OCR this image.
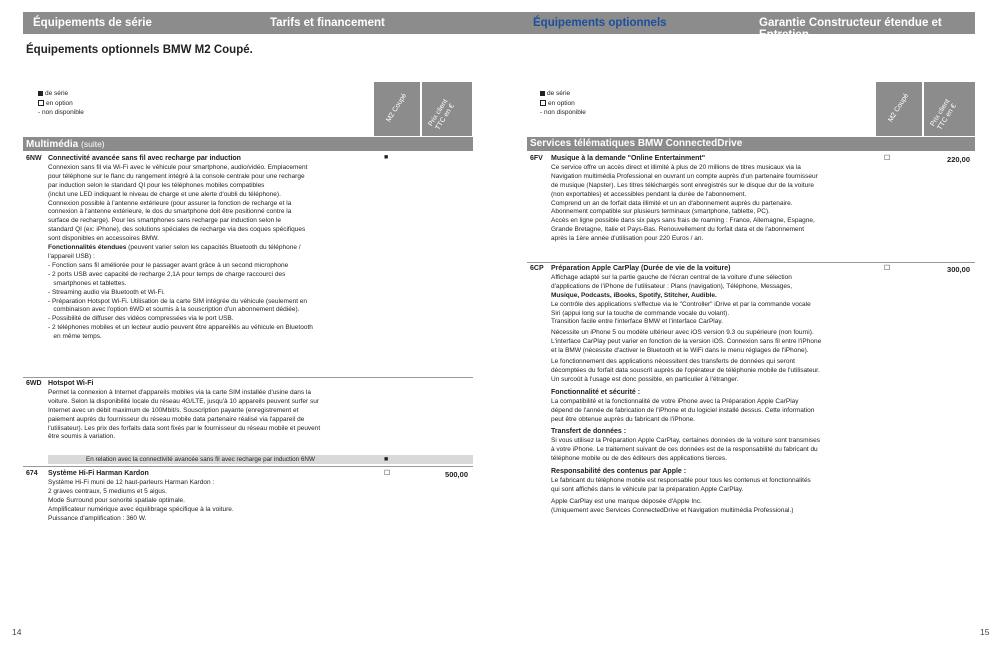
Équipements de série	Tarifs et financement	Équipements optionnels	Garantie Constructeur étendue et Entretien
Équipements optionnels BMW M2 Coupé.
de série
en option
- non disponible	M2 Coupé	Prix client TTC en €
Multimédia (suite)
6NW	■

Connectivité avancée sans fil avec recharge par induction

Connexion sans fil via Wi-Fi avec le véhicule pour smartphone, audio/vidéo. Emplacement

pour téléphone sur le flanc du rangement intégré à la console centrale pour une recharge

par induction selon le standard QI pour les téléphones mobiles compatibles

(inclut une LED indiquant le niveau de charge et une alerte d'oubli du téléphone).

Connexion possible à l'antenne extérieure (pour assurer la fonction de recharge et la

connexion à l'antenne extérieure, le dos du smartphone doit être positionné contre la

surface de recharge). Pour les smartphones sans recharge par induction selon le

standard QI (ex: iPhone), des solutions spéciales de recharge via des coques spécifiques

sont disponibles en accessoires BMW.

Fonctionnalités étendues (peuvent varier selon les capacités Bluetooth du téléphone /

l'appareil USB) :

- Fonction sans fil améliorée pour le passager avant grâce à un second microphone

- 2 ports USB avec capacité de recharge 2,1A pour temps de charge raccourci des

smartphones et tablettes.

- Streaming audio via Bluetooth et Wi-Fi.

- Préparation Hotspot Wi-Fi. Utilisation de la carte SIM intégrée du véhicule (seulement en

combinaison avec l'option 6WD et soumis à la souscription d'un abonnement dédiée).

- Possibilité de diffuser des vidéos compressées via le port USB.

- 2 téléphones mobiles et un lecteur audio peuvent être appareillés au véhicule en Bluetooth

en même temps.

6WD Hotspot Wi-Fi

Permet la connexion à Internet d'appareils mobiles via la carte SIM installée d'usine dans la

voiture. Selon la disponibilité locale du réseau 4G/LTE, jusqu'à 10 appareils peuvent surfer sur

Internet avec un débit maximum de 100Mbit/s. Souscription payante (enregistrement et

paiement auprès du fournisseur du réseau mobile data partenaire réalisé via l'appareil de

l'utilisateur). Les prix des forfaits data sont fixés par le fournisseur du réseau mobile et peuvent

être soumis à variation.

En relation avec la connectivité avancée sans fil avec recharge par induction 6NW	■
674	☐	500,00

Système Hi-Fi Harman Kardon

Système Hi-Fi muni de 12 haut-parleurs Harman Kardon :

2 graves centraux, 5 mediums et 5 aigus.

Mode Surround pour sonorité spatiale optimale.

Amplificateur numérique avec équilibrage spécifique à la voiture.

Puissance d'amplification : 360 W.

de série
en option
- non disponible	M2 Coupé	Prix client TTC en €
Services télématiques BMW ConnectedDrive
6FV	☐	220,00

Musique à la demande "Online Entertainment"

Ce service offre un accès direct et illimité à plus de 20 millions de titres musicaux via la

Navigation multimédia Professional en ouvrant un compte auprès d'un partenaire fournisseur

de musique (Napster). Les titres téléchargés sont enregistrés sur le disque dur de la voiture

(non exportables) et accessibles pendant la durée de l'abonnement.

Comprend un an de forfait data illimité et un an d'abonnement auprès du partenaire.

Abonnement compatible sur plusieurs terminaux (smartphone, tablette, PC).

Accès en ligne possible dans six pays sans frais de roaming : France, Allemagne, Espagne,

Grande Bretagne, Italie et Pays-Bas. Renouvellement du forfait data et de l'abonnement

après la 1ère année d'utilisation pour 220 Euros / an.

6CP	☐	300,00

Préparation Apple CarPlay (Durée de vie de la voiture)

Affichage adapté sur la partie gauche de l'écran central de la voiture d'une sélection

d'applications de l'iPhone de l'utilisateur : Plans (navigation), Téléphone, Messages,

Musique, Podcasts, iBooks, Spotify, Stitcher, Audible.

Le contrôle des applications s'effectue via le "Controller" iDrive et par la commande vocale

Siri (appui long sur la touche de commande vocale du volant).

Transition facile entre l'interface BMW et l'interface CarPlay.

Nécessite un iPhone 5 ou modèle ultérieur avec iOS version 9.3 ou supérieure (non fourni).

L'interface CarPlay peut varier en fonction de la version iOS. Connexion sans fil entre l'iPhone

et la BMW (nécessite d'activer le Bluetooth et le WiFi dans le menu réglages de l'iPhone).

Le fonctionnement des applications nécessitent des transferts de données qui seront

décomptées du forfait data souscrit auprès de l'opérateur de téléphonie mobile de l'utilisateur.

Un surcoût à l'usage est donc possible, en particulier à l'étranger.

Fonctionnalité et sécurité :

La compatibilité et la fonctionnalité de votre iPhone avec la Préparation Apple CarPlay

dépend de l'année de fabrication de l'iPhone et du logiciel installé dessus. Cette information

peut être obtenue auprès du fabricant de l'iPhone.

Transfert de données :

Si vous utilisez la Préparation Apple CarPlay, certaines données de la voiture sont transmises

à votre iPhone. Le traitement suivant de ces données est de la responsabilité du fabricant du

téléphone mobile ou de des éditeurs des applications tierces.

Responsabilité des contenus par Apple :

Le fabricant du téléphone mobile est responsable pour tous les contenus et fonctionnalités

qui sont affichés dans le véhicule par la préparation Apple CarPlay.

Apple CarPlay est une marque déposée d'Apple Inc.

(Uniquement avec Services ConnectedDrive et Navigation multimédia Professional.)

14	15
